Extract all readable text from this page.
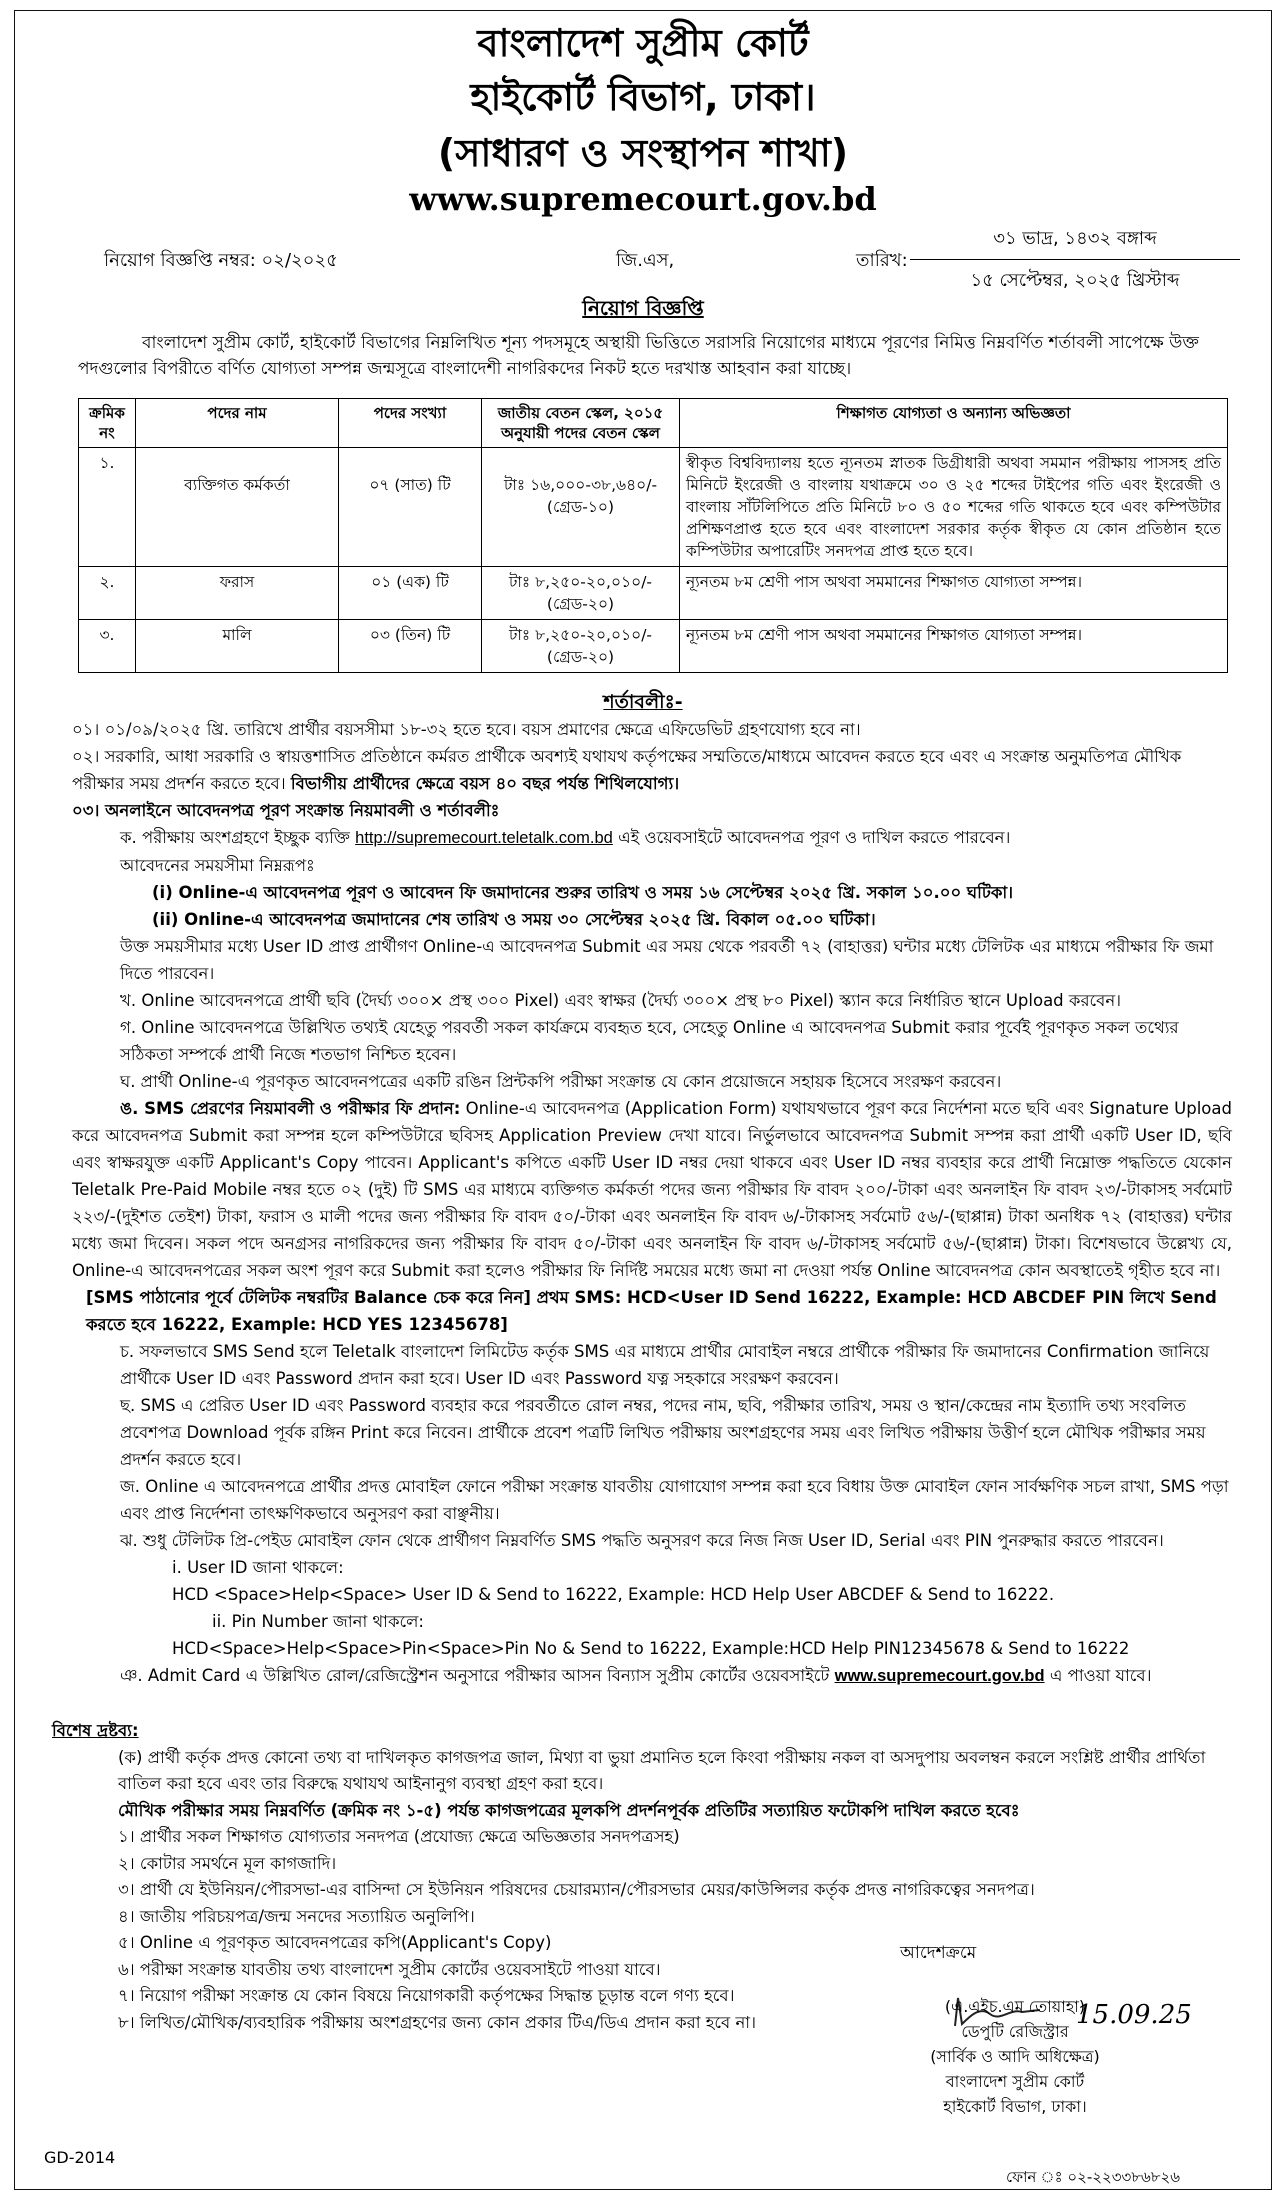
বাংলাদেশ সুপ্রীম কোর্ট
হাইকোর্ট বিভাগ, ঢাকা।
(সাধারণ ও সংস্থাপন শাখা)
www.supremecourt.gov.bd
নিয়োগ বিজ্ঞপ্তি নম্বর: ০২/২০২৫	জি.এস,	তারিখ:
৩১ ভাদ্র, ১৪৩২ বঙ্গাব্দ
১৫ সেপ্টেম্বর, ২০২৫ খ্রিস্টাব্দ
নিয়োগ বিজ্ঞপ্তি
বাংলাদেশ সুপ্রীম কোর্ট, হাইকোর্ট বিভাগের নিম্নলিখিত শূন্য পদসমূহে অস্থায়ী ভিত্তিতে সরাসরি নিয়োগের মাধ্যমে পূরণের নিমিত্ত নিম্নবর্ণিত শর্তাবলী সাপেক্ষে উক্ত পদগুলোর বিপরীতে বর্ণিত যোগ্যতা সম্পন্ন জন্মসূত্রে বাংলাদেশী নাগরিকদের নিকট হতে দরখাস্ত আহবান করা যাচ্ছে।
ক্রমিক নং	পদের নাম	পদের সংখ্যা	জাতীয় বেতন স্কেল, ২০১৫ অনুযায়ী পদের বেতন স্কেল	শিক্ষাগত যোগ্যতা ও অন্যান্য অভিজ্ঞতা
১.	ব্যক্তিগত কর্মকর্তা	০৭ (সাত) টি	টাঃ ১৬,০০০-৩৮,৬৪০/-
(গ্রেড-১০)	স্বীকৃত বিশ্ববিদ্যালয় হতে ন্যূনতম স্নাতক ডিগ্রীধারী অথবা সমমান পরীক্ষায় পাসসহ প্রতি মিনিটে ইংরেজী ও বাংলায় যথাক্রমে ৩০ ও ২৫ শব্দের টাইপের গতি এবং ইংরেজী ও বাংলায় সাঁটলিপিতে প্রতি মিনিটে ৮০ ও ৫০ শব্দের গতি থাকতে হবে এবং কম্পিউটার প্রশিক্ষণপ্রাপ্ত হতে হবে এবং বাংলাদেশ সরকার কর্তৃক স্বীকৃত যে কোন প্রতিষ্ঠান হতে কম্পিউটার অপারেটিং সনদপত্র প্রাপ্ত হতে হবে।
২.	ফরাস	০১ (এক) টি	টাঃ ৮,২৫০-২০,০১০/-
(গ্রেড-২০)	ন্যূনতম ৮ম শ্রেণী পাস অথবা সমমানের শিক্ষাগত যোগ্যতা সম্পন্ন।
৩.	মালি	০৩ (তিন) টি	টাঃ ৮,২৫০-২০,০১০/-
(গ্রেড-২০)	ন্যূনতম ৮ম শ্রেণী পাস অথবা সমমানের শিক্ষাগত যোগ্যতা সম্পন্ন।
শর্তাবলীঃ-

০১। ০১/০৯/২০২৫ খ্রি. তারিখে প্রার্থীর বয়সসীমা ১৮-৩২ হতে হবে। বয়স প্রমাণের ক্ষেত্রে এফিডেভিট গ্রহণযোগ্য হবে না।

০২। সরকারি, আধা সরকারি ও স্বায়ত্তশাসিত প্রতিষ্ঠানে কর্মরত প্রার্থীকে অবশ্যই যথাযথ কর্তৃপক্ষের সম্মতিতে/মাধ্যমে আবেদন করতে হবে এবং এ সংক্রান্ত অনুমতিপত্র মৌখিক পরীক্ষার সময় প্রদর্শন করতে হবে। বিভাগীয় প্রার্থীদের ক্ষেত্রে বয়স ৪০ বছর পর্যন্ত শিথিলযোগ্য।

০৩। অনলাইনে আবেদনপত্র পূরণ সংক্রান্ত নিয়মাবলী ও শর্তাবলীঃ

ক. পরীক্ষায় অংশগ্রহণে ইচ্ছুক ব্যক্তি http://supremecourt.teletalk.com.bd এই ওয়েবসাইটে আবেদনপত্র পূরণ ও দাখিল করতে পারবেন।

আবেদনের সময়সীমা নিম্নরূপঃ

(i) Online-এ আবেদনপত্র পূরণ ও আবেদন ফি জমাদানের শুরুর তারিখ ও সময় ১৬ সেপ্টেম্বর ২০২৫ খ্রি. সকাল ১০.০০ ঘটিকা।

(ii) Online-এ আবেদনপত্র জমাদানের শেষ তারিখ ও সময় ৩০ সেপ্টেম্বর ২০২৫ খ্রি. বিকাল ০৫.০০ ঘটিকা।

উক্ত সময়সীমার মধ্যে User ID প্রাপ্ত প্রার্থীগণ Online-এ আবেদনপত্র Submit এর সময় থেকে পরবর্তী ৭২ (বাহাত্তর) ঘন্টার মধ্যে টেলিটক এর মাধ্যমে পরীক্ষার ফি জমা দিতে পারবেন।

খ. Online আবেদনপত্রে প্রার্থী ছবি (দৈর্ঘ্য ৩০০× প্রস্থ ৩০০ Pixel) এবং স্বাক্ষর (দৈর্ঘ্য ৩০০× প্রস্থ ৮০ Pixel) স্ক্যান করে নির্ধারিত স্থানে Upload করবেন।

গ. Online আবেদনপত্রে উল্লিখিত তথ্যই যেহেতু পরবর্তী সকল কার্যক্রমে ব্যবহৃত হবে, সেহেতু Online এ আবেদনপত্র Submit করার পূর্বেই পূরণকৃত সকল তথ্যের সঠিকতা সম্পর্কে প্রার্থী নিজে শতভাগ নিশ্চিত হবেন।

ঘ. প্রার্থী Online-এ পূরণকৃত আবেদনপত্রের একটি রঙিন প্রিন্টকপি পরীক্ষা সংক্রান্ত যে কোন প্রয়োজনে সহায়ক হিসেবে সংরক্ষণ করবেন।

ঙ. SMS প্রেরণের নিয়মাবলী ও পরীক্ষার ফি প্রদান: Online-এ আবেদনপত্র (Application Form) যথাযথভাবে পূরণ করে নির্দেশনা মতে ছবি এবং Signature Upload করে আবেদনপত্র Submit করা সম্পন্ন হলে কম্পিউটারে ছবিসহ Application Preview দেখা যাবে। নির্ভুলভাবে আবেদনপত্র Submit সম্পন্ন করা প্রার্থী একটি User ID, ছবি এবং স্বাক্ষরযুক্ত একটি Applicant's Copy পাবেন। Applicant's কপিতে একটি User ID নম্বর দেয়া থাকবে এবং User ID নম্বর ব্যবহার করে প্রার্থী নিম্নোক্ত পদ্ধতিতে যেকোন Teletalk Pre-Paid Mobile নম্বর হতে ০২ (দুই) টি SMS এর মাধ্যমে ব্যক্তিগত কর্মকর্তা পদের জন্য পরীক্ষার ফি বাবদ ২০০/-টাকা এবং অনলাইন ফি বাবদ ২৩/-টাকাসহ সর্বমোট ২২৩/-(দুইশত তেইশ) টাকা, ফরাস ও মালী পদের জন্য পরীক্ষার ফি বাবদ ৫০/-টাকা এবং অনলাইন ফি বাবদ ৬/-টাকাসহ সর্বমোট ৫৬/-(ছাপ্পান্ন) টাকা অনধিক ৭২ (বাহাত্তর) ঘন্টার মধ্যে জমা দিবেন। সকল পদে অনগ্রসর নাগরিকদের জন্য পরীক্ষার ফি বাবদ ৫০/-টাকা এবং অনলাইন ফি বাবদ ৬/-টাকাসহ সর্বমোট ৫৬/-(ছাপ্পান্ন) টাকা। বিশেষভাবে উল্লেখ্য যে, Online-এ আবেদনপত্রের সকল অংশ পূরণ করে Submit করা হলেও পরীক্ষার ফি নির্দিষ্ট সময়ের মধ্যে জমা না দেওয়া পর্যন্ত Online আবেদনপত্র কোন অবস্থাতেই গৃহীত হবে না।

[SMS পাঠানোর পূর্বে টেলিটক নম্বরটির Balance চেক করে নিন] প্রথম SMS: HCD<User ID Send 16222, Example: HCD ABCDEF PIN লিখে Send করতে হবে 16222, Example: HCD YES 12345678]

চ. সফলভাবে SMS Send হলে Teletalk বাংলাদেশ লিমিটেড কর্তৃক SMS এর মাধ্যমে প্রার্থীর মোবাইল নম্বরে প্রার্থীকে পরীক্ষার ফি জমাদানের Confirmation জানিয়ে প্রার্থীকে User ID এবং Password প্রদান করা হবে। User ID এবং Password যত্ন সহকারে সংরক্ষণ করবেন।

ছ. SMS এ প্রেরিত User ID এবং Password ব্যবহার করে পরবর্তীতে রোল নম্বর, পদের নাম, ছবি, পরীক্ষার তারিখ, সময় ও স্থান/কেন্দ্রের নাম ইত্যাদি তথ্য সংবলিত প্রবেশপত্র Download পূর্বক রঙ্গিন Print করে নিবেন। প্রার্থীকে প্রবেশ পত্রটি লিখিত পরীক্ষায় অংশগ্রহণের সময় এবং লিখিত পরীক্ষায় উত্তীর্ণ হলে মৌখিক পরীক্ষার সময় প্রদর্শন করতে হবে।

জ. Online এ আবেদনপত্রে প্রার্থীর প্রদত্ত মোবাইল ফোনে পরীক্ষা সংক্রান্ত যাবতীয় যোগাযোগ সম্পন্ন করা হবে বিধায় উক্ত মোবাইল ফোন সার্বক্ষণিক সচল রাখা, SMS পড়া এবং প্রাপ্ত নির্দেশনা তাৎক্ষণিকভাবে অনুসরণ করা বাঞ্ছনীয়।

ঝ. শুধু টেলিটক প্রি-পেইড মোবাইল ফোন থেকে প্রার্থীগণ নিম্নবর্ণিত SMS পদ্ধতি অনুসরণ করে নিজ নিজ User ID, Serial এবং PIN পুনরুদ্ধার করতে পারবেন।

i. User ID জানা থাকলে:

HCD <Space>Help<Space> User ID & Send to 16222, Example: HCD Help User ABCDEF & Send to 16222.

ii. Pin Number জানা থাকলে:

HCD<Space>Help<Space>Pin<Space>Pin No & Send to 16222, Example:HCD Help PIN12345678 & Send to 16222

ঞ. Admit Card এ উল্লিখিত রোল/রেজিস্ট্রেশন অনুসারে পরীক্ষার আসন বিন্যাস সুপ্রীম কোর্টের ওয়েবসাইটে www.supremecourt.gov.bd এ পাওয়া যাবে।

বিশেষ দ্রষ্টব্য:

(ক) প্রার্থী কর্তৃক প্রদত্ত কোনো তথ্য বা দাখিলকৃত কাগজপত্র জাল, মিথ্যা বা ভুয়া প্রমানিত হলে কিংবা পরীক্ষায় নকল বা অসদুপায় অবলম্বন করলে সংশ্লিষ্ট প্রার্থীর প্রার্থিতা বাতিল করা হবে এবং তার বিরুদ্ধে যথাযথ আইনানুগ ব্যবস্থা গ্রহণ করা হবে।

মৌখিক পরীক্ষার সময় নিম্নবর্ণিত (ক্রমিক নং ১-৫) পর্যন্ত কাগজপত্রের মূলকপি প্রদর্শনপূর্বক প্রতিটির সত্যায়িত ফটোকপি দাখিল করতে হবেঃ

১। প্রার্থীর সকল শিক্ষাগত যোগ্যতার সনদপত্র (প্রযোজ্য ক্ষেত্রে অভিজ্ঞতার সনদপত্রসহ)

২। কোটার সমর্থনে মূল কাগজাদি।

৩। প্রার্থী যে ইউনিয়ন/পৌরসভা-এর বাসিন্দা সে ইউনিয়ন পরিষদের চেয়ারম্যান/পৌরসভার মেয়র/কাউন্সিলর কর্তৃক প্রদত্ত নাগরিকত্বের সনদপত্র।

৪। জাতীয় পরিচয়পত্র/জন্ম সনদের সত্যায়িত অনুলিপি।

৫। Online এ পূরণকৃত আবেদনপত্রের কপি(Applicant's Copy)

৬। পরীক্ষা সংক্রান্ত যাবতীয় তথ্য বাংলাদেশ সুপ্রীম কোর্টের ওয়েবসাইটে পাওয়া যাবে।

৭। নিয়োগ পরীক্ষা সংক্রান্ত যে কোন বিষয়ে নিয়োগকারী কর্তৃপক্ষের সিদ্ধান্ত চূড়ান্ত বলে গণ্য হবে।

৮। লিখিত/মৌখিক/ব্যবহারিক পরীক্ষায় অংশগ্রহণের জন্য কোন প্রকার টিএ/ডিএ প্রদান করা হবে না।

আদেশক্রমে
15.09.25
(এ.এইচ.এম তোয়াহা)
ডেপুটি রেজিস্ট্রার
(সার্বিক ও আদি অধিক্ষেত্র)
বাংলাদেশ সুপ্রীম কোর্ট
হাইকোর্ট বিভাগ, ঢাকা।
GD-2014
ফোন ঃ ০২-২২৩৩৮৬৮২৬
